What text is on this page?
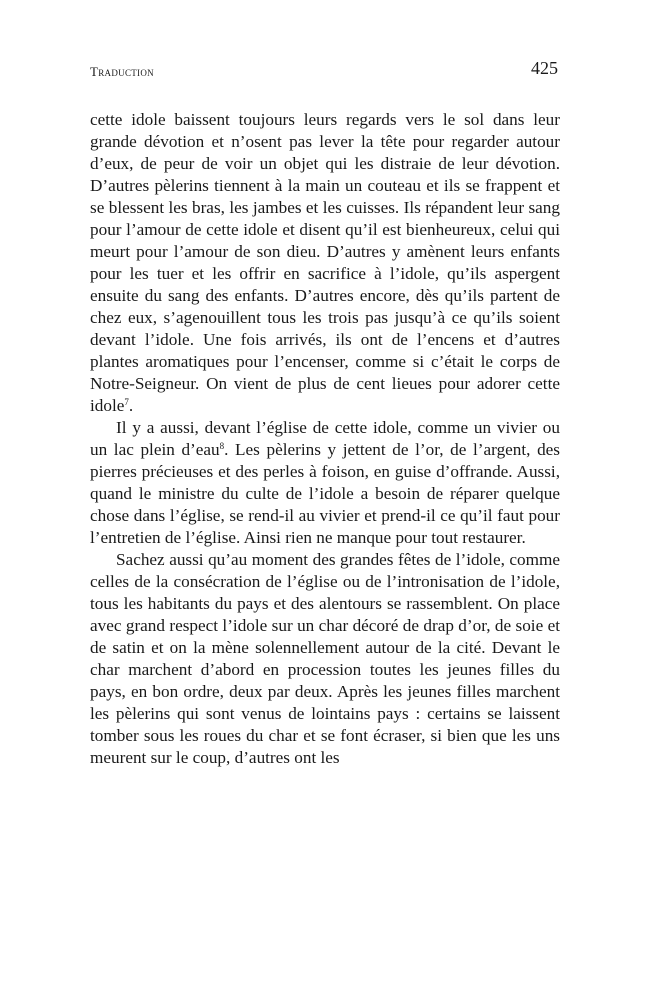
Traduction	425

cette idole baissent toujours leurs regards vers le sol dans leur grande dévotion et n’osent pas lever la tête pour regarder autour d’eux, de peur de voir un objet qui les distraie de leur dévotion. D’autres pèlerins tiennent à la main un couteau et ils se frappent et se blessent les bras, les jambes et les cuisses. Ils répandent leur sang pour l’amour de cette idole et disent qu’il est bienheureux, celui qui meurt pour l’amour de son dieu. D’autres y amènent leurs enfants pour les tuer et les offrir en sacrifice à l’idole, qu’ils aspergent ensuite du sang des enfants. D’autres encore, dès qu’ils partent de chez eux, s’agenouillent tous les trois pas jusqu’à ce qu’ils soient devant l’idole. Une fois arrivés, ils ont de l’encens et d’autres plantes aromatiques pour l’encenser, comme si c’était le corps de Notre-Seigneur. On vient de plus de cent lieues pour adorer cette idole$^7$.

Il y a aussi, devant l’église de cette idole, comme un vivier ou un lac plein d’eau$^8$. Les pèlerins y jettent de l’or, de l’argent, des pierres précieuses et des perles à foison, en guise d’offrande. Aussi, quand le ministre du culte de l’idole a besoin de réparer quelque chose dans l’église, se rend-il au vivier et prend-il ce qu’il faut pour l’entretien de l’église. Ainsi rien ne manque pour tout restaurer.

Sachez aussi qu’au moment des grandes fêtes de l’idole, comme celles de la consécration de l’église ou de l’intronisation de l’idole, tous les habitants du pays et des alentours se rassemblent. On place avec grand respect l’idole sur un char décoré de drap d’or, de soie et de satin et on la mène solennellement autour de la cité. Devant le char marchent d’abord en procession toutes les jeunes filles du pays, en bon ordre, deux par deux. Après les jeunes filles marchent les pèlerins qui sont venus de lointains pays : certains se laissent tomber sous les roues du char et se font écraser, si bien que les uns meurent sur le coup, d’autres ont les
